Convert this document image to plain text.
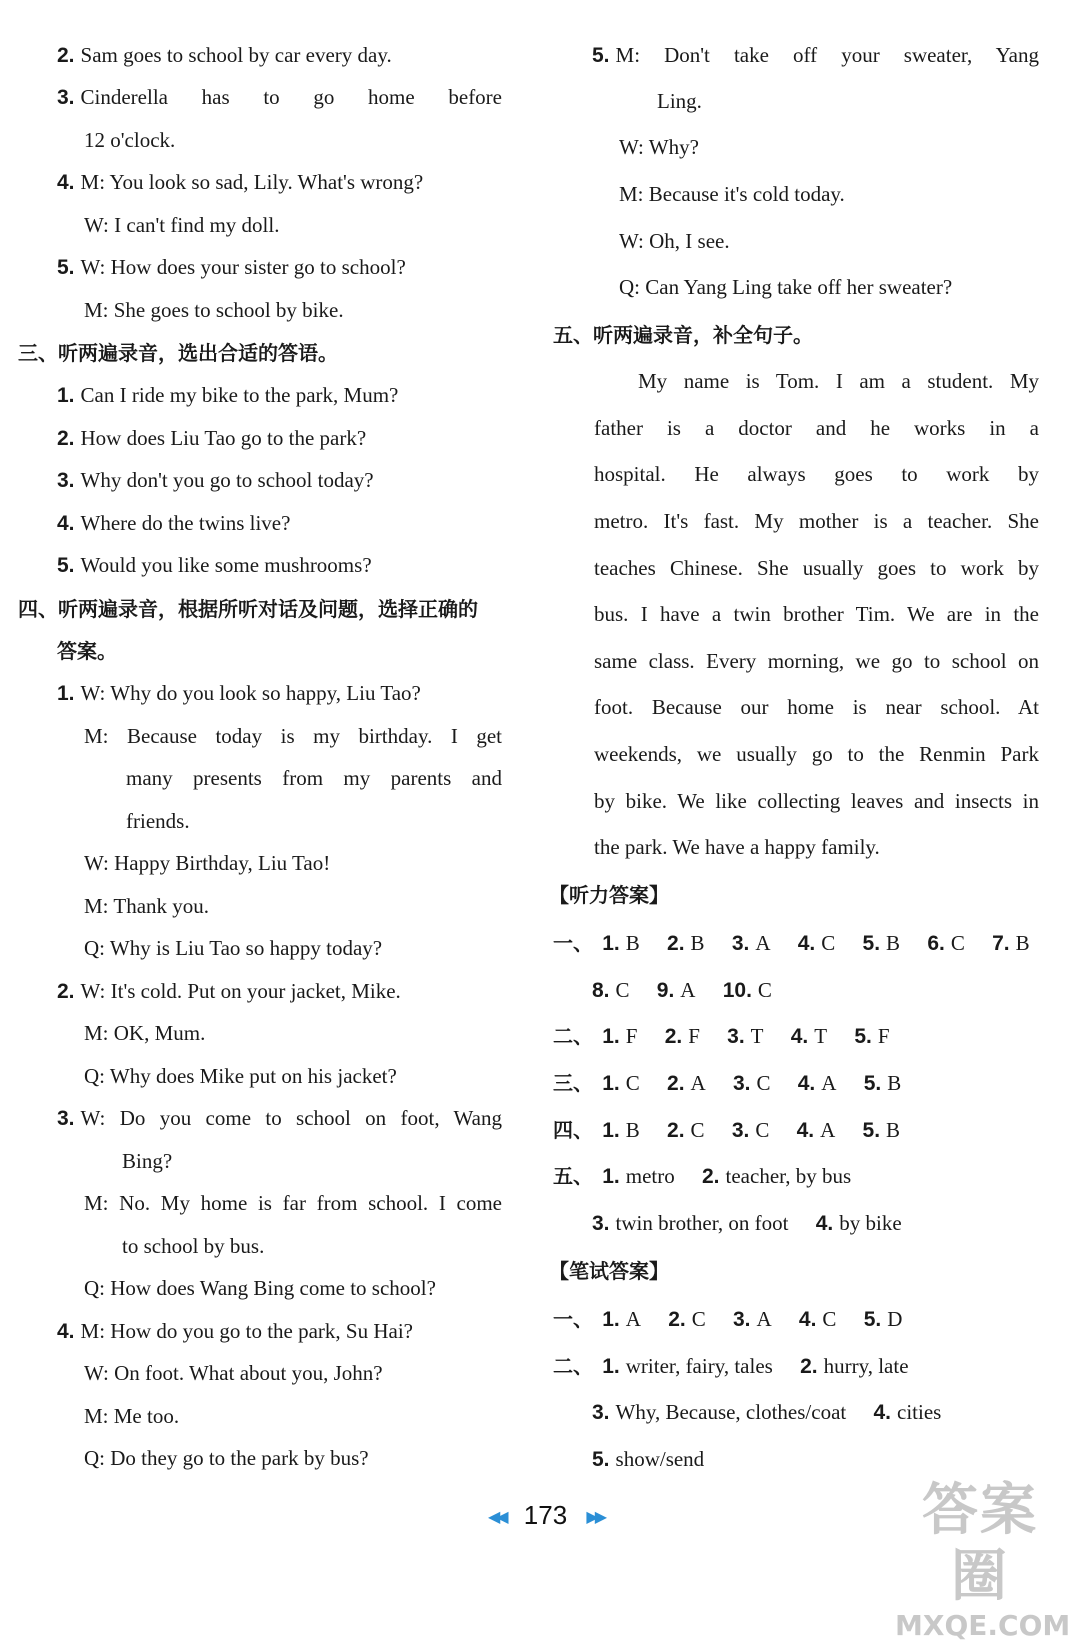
2. Sam goes to school by car every day.
3. Cinderella has to go home before
12 o'clock.
4. M: You look so sad, Lily. What's wrong?
W: I can't find my doll.
5. W: How does your sister go to school?
M: She goes to school by bike.
三、听两遍录音，选出合适的答语。
1. Can I ride my bike to the park, Mum?
2. How does Liu Tao go to the park?
3. Why don't you go to school today?
4. Where do the twins live?
5. Would you like some mushrooms?
四、听两遍录音，根据所听对话及问题，选择正确的
答案。
1. W: Why do you look so happy, Liu Tao?
M: Because today is my birthday. I get
many presents from my parents and
friends.
W: Happy Birthday, Liu Tao!
M: Thank you.
Q: Why is Liu Tao so happy today?
2. W: It's cold. Put on your jacket, Mike.
M: OK, Mum.
Q: Why does Mike put on his jacket?
3. W: Do you come to school on foot, Wang
Bing?
M: No. My home is far from school. I come
to school by bus.
Q: How does Wang Bing come to school?
4. M: How do you go to the park, Su Hai?
W: On foot. What about you, John?
M: Me too.
Q: Do they go to the park by bus?
5. M: Don't take off your sweater, Yang
Ling.
W: Why?
M: Because it's cold today.
W: Oh, I see.
Q: Can Yang Ling take off her sweater?
五、听两遍录音，补全句子。
My name is Tom. I am a student. My
father is a doctor and he works in a
hospital. He always goes to work by
metro. It's fast. My mother is a teacher. She
teaches Chinese. She usually goes to work by
bus. I have a twin brother Tim. We are in the
same class. Every morning, we go to school on
foot. Because our home is near school. At
weekends, we usually go to the Renmin Park
by bike. We like collecting leaves and insects in
the park. We have a happy family.
【听力答案】
一、 1. B 2. B 3. A 4. C 5. B 6. C 7. B
8. C 9. A 10. C
二、 1. F 2. F 3. T 4. T 5. F
三、 1. C 2. A 3. C 4. A 5. B
四、 1. B 2. C 3. C 4. A 5. B
五、 1. metro 2. teacher, by bus
3. twin brother, on foot 4. by bike
【笔试答案】
一、 1. A 2. C 3. A 4. C 5. D
二、 1. writer, fairy, tales 2. hurry, late
3. Why, Because, clothes/coat 4. cities
5. show/send
◀◀ 173 ▶▶	答案圈
MXQE.COM
